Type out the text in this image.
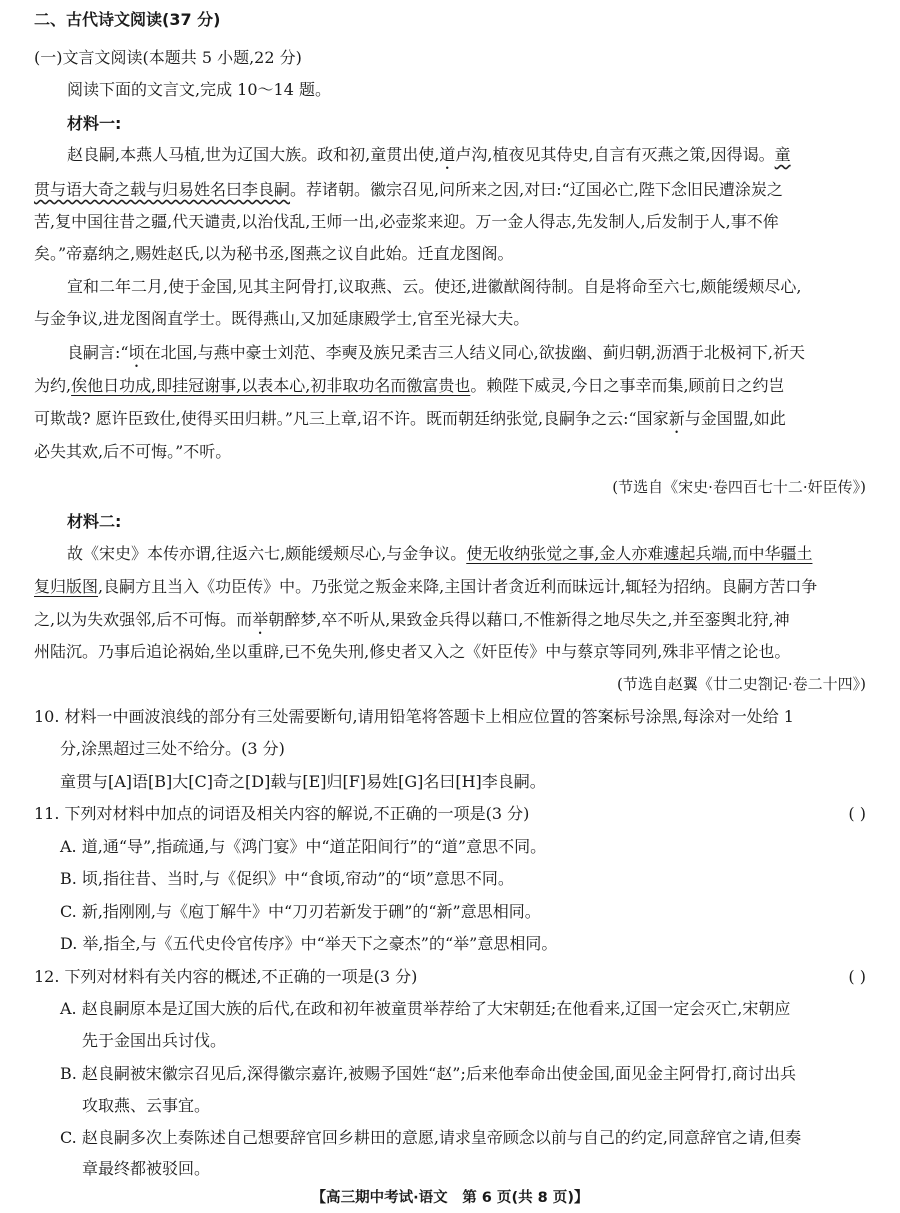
二、古代诗文阅读(37 分)
(一)文言文阅读(本题共 5 小题,22 分)
阅读下面的文言文,完成 10～14 题。
材料一:
赵良嗣,本燕人马植,世为辽国大族。政和初,童贯出使,道卢沟,植夜见其侍史,自言有灭燕之策,因得谒。童
贯与语大奇之载与归易姓名曰李良嗣。荐诸朝。徽宗召见,问所来之因,对曰:“辽国必亡,陛下念旧民遭涂炭之
苦,复中国往昔之疆,代天谴责,以治伐乱,王师一出,必壶浆来迎。万一金人得志,先发制人,后发制于人,事不侔
矣。”帝嘉纳之,赐姓赵氏,以为秘书丞,图燕之议自此始。迁直龙图阁。
宣和二年二月,使于金国,见其主阿骨打,议取燕、云。使还,进徽猷阁待制。自是将命至六七,颇能缓颊尽心,
与金争议,进龙图阁直学士。既得燕山,又加延康殿学士,官至光禄大夫。
良嗣言:“顷在北国,与燕中豪士刘范、李奭及族兄柔吉三人结义同心,欲拔幽、蓟归朝,沥酒于北极祠下,祈天
为约,俟他日功成,即挂冠谢事,以表本心,初非取功名而徼富贵也。赖陛下威灵,今日之事幸而集,顾前日之约岂
可欺哉? 愿许臣致仕,使得买田归耕。”凡三上章,诏不许。既而朝廷纳张觉,良嗣争之云:“国家新与金国盟,如此
必失其欢,后不可悔。”不听。
(节选自《宋史·卷四百七十二·奸臣传》)
材料二:
故《宋史》本传亦谓,往返六七,颇能缓颊尽心,与金争议。使无收纳张觉之事,金人亦难遽起兵端,而中华疆土
复归版图,良嗣方且当入《功臣传》中。乃张觉之叛金来降,主国计者贪近利而昧远计,辄轻为招纳。良嗣方苦口争
之,以为失欢强邻,后不可悔。而举朝醉梦,卒不听从,果致金兵得以藉口,不惟新得之地尽失之,并至銮舆北狩,神
州陆沉。乃事后追论祸始,坐以重辟,已不免失刑,修史者又入之《奸臣传》中与蔡京等同列,殊非平情之论也。
(节选自赵翼《廿二史劄记·卷二十四》)
10. 材料一中画波浪线的部分有三处需要断句,请用铅笔将答题卡上相应位置的答案标号涂黑,每涂对一处给 1
分,涂黑超过三处不给分。(3 分)
童贯与[A]语[B]大[C]奇之[D]载与[E]归[F]易姓[G]名曰[H]李良嗣。
11. 下列对材料中加点的词语及相关内容的解说,不正确的一项是(3 分)	( )
A. 道,通“导”,指疏通,与《鸿门宴》中“道芷阳间行”的“道”意思不同。
B. 顷,指往昔、当时,与《促织》中“食顷,帘动”的“顷”意思不同。
C. 新,指刚刚,与《庖丁解牛》中“刀刃若新发于硎”的“新”意思相同。
D. 举,指全,与《五代史伶官传序》中“举天下之豪杰”的“举”意思相同。
12. 下列对材料有关内容的概述,不正确的一项是(3 分)	( )
A. 赵良嗣原本是辽国大族的后代,在政和初年被童贯举荐给了大宋朝廷;在他看来,辽国一定会灭亡,宋朝应
先于金国出兵讨伐。
B. 赵良嗣被宋徽宗召见后,深得徽宗嘉许,被赐予国姓“赵”;后来他奉命出使金国,面见金主阿骨打,商讨出兵
攻取燕、云事宜。
C. 赵良嗣多次上奏陈述自己想要辞官回乡耕田的意愿,请求皇帝顾念以前与自己的约定,同意辞官之请,但奏
章最终都被驳回。
【高三期中考试·语文　第 6 页(共 8 页)】
